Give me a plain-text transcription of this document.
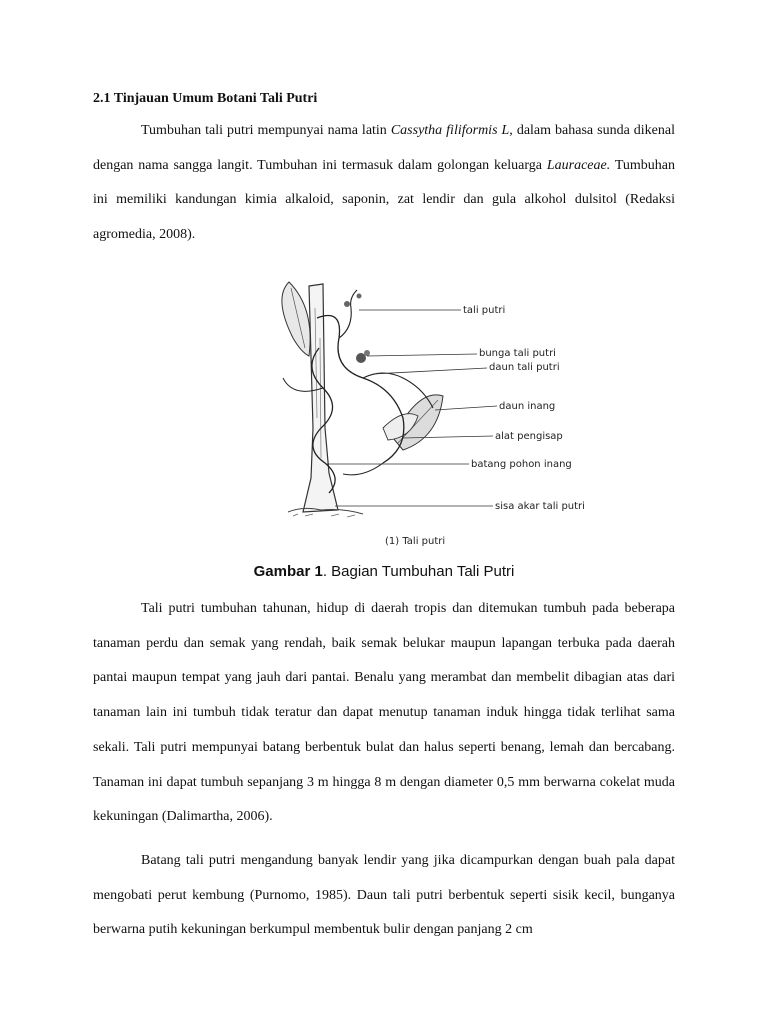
2.1 Tinjauan Umum Botani Tali Putri

Tumbuhan tali putri mempunyai nama latin Cassytha filiformis L, dalam bahasa sunda dikenal dengan nama sangga langit. Tumbuhan ini termasuk dalam golongan keluarga Lauraceae. Tumbuhan ini memiliki kandungan kimia alkaloid, saponin, zat lendir dan gula alkohol dulsitol (Redaksi agromedia, 2008).

tali putri
bunga tali putri
daun tali putri
daun inang
alat pengisap
batang pohon inang
sisa akar tali putri
(1) Tali putri
Gambar 1. Bagian Tumbuhan Tali Putri

Tali putri tumbuhan tahunan, hidup di daerah tropis dan ditemukan tumbuh pada beberapa tanaman perdu dan semak yang rendah, baik semak belukar maupun lapangan terbuka pada daerah pantai maupun tempat yang jauh dari pantai. Benalu yang merambat dan membelit dibagian atas dari tanaman lain ini tumbuh tidak teratur dan dapat menutup tanaman induk hingga tidak terlihat sama sekali. Tali putri mempunyai batang berbentuk bulat dan halus seperti benang, lemah dan bercabang. Tanaman ini dapat tumbuh sepanjang 3 m hingga 8 m dengan diameter 0,5 mm berwarna cokelat muda kekuningan (Dalimartha, 2006).

Batang tali putri mengandung banyak lendir yang jika dicampurkan dengan buah pala dapat mengobati perut kembung (Purnomo, 1985). Daun tali putri berbentuk seperti sisik kecil, bunganya berwarna putih kekuningan berkumpul membentuk bulir dengan panjang 2 cm
